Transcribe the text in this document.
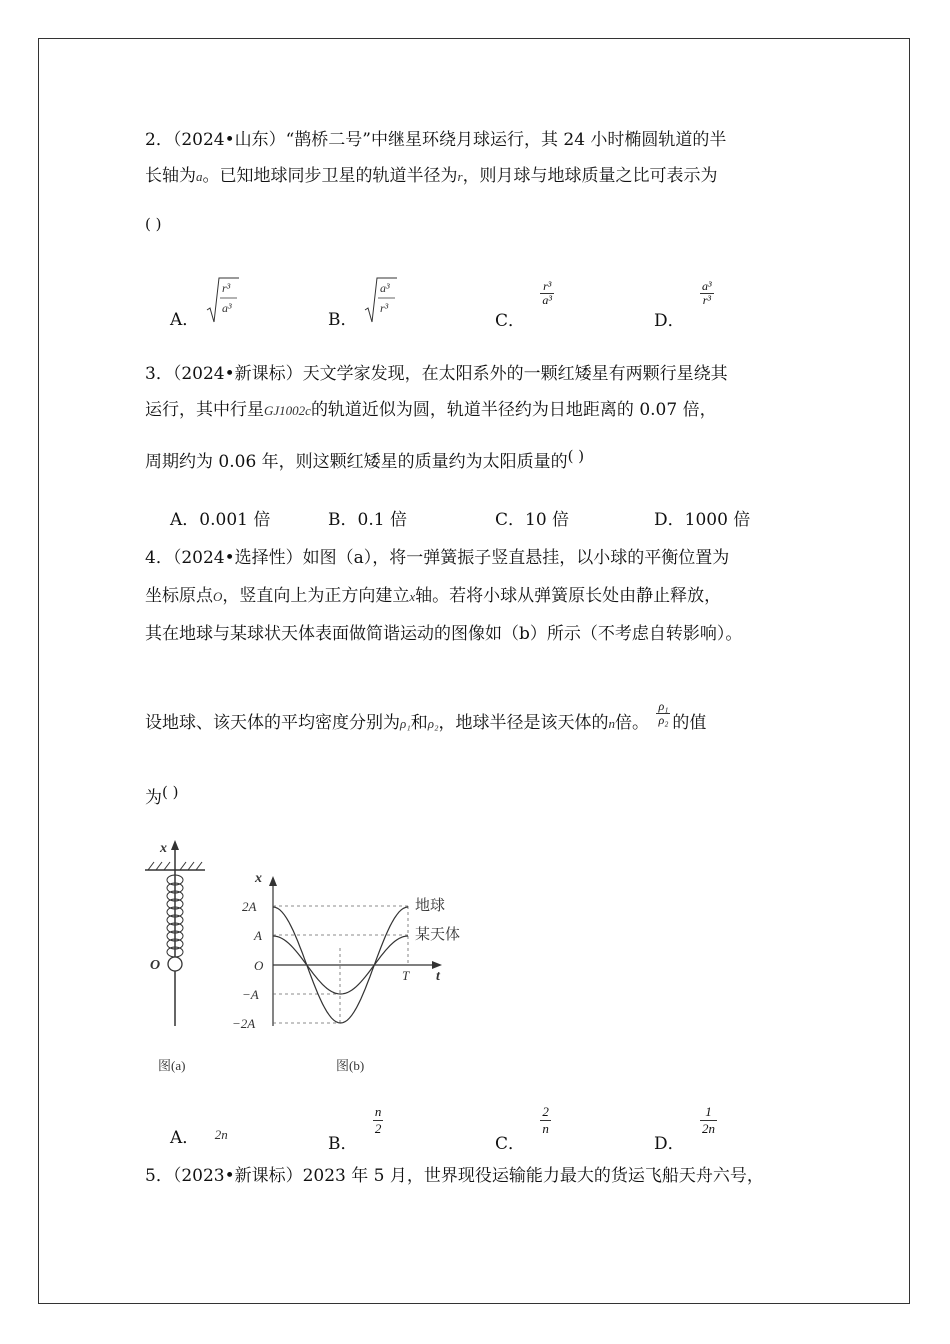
2．（2024•山东）“鹊桥二号”中继星环绕月球运行，其 24 小时椭圆轨道的半
长轴为a。已知地球同步卫星的轨道半径为r，则月球与地球质量之比可表示为
( )
A．
r³
a³
B．
a³
r³
C．
$\frac{\text{r³}}{\text{a³}}$
D．
$\frac{\text{a³}}{\text{r³}}$
3．（2024•新课标）天文学家发现，在太阳系外的一颗红矮星有两颗行星绕其
运行，其中行星GJ1002c的轨道近似为圆，轨道半径约为日地距离的 0.07 倍，
周期约为 0.06 年，则这颗红矮星的质量约为太阳质量的( )
A．0.001 倍	B．0.1 倍	C．10 倍	D．1000 倍
4．（2024•选择性）如图（a），将一弹簧振子竖直悬挂，以小球的平衡位置为
坐标原点O，竖直向上为正方向建立x轴。若将小球从弹簧原长处由静止释放，
其在地球与某球状天体表面做简谐运动的图像如（b）所示（不考虑自转影响）。
设地球、该天体的平均密度分别为ρ₁和ρ₂，地球半径是该天体的n倍。 $\frac{\text{ρ₁}}{\text{ρ₂}}$ 的值
为( )
x
O
图(a)
x
t
2A
A
O
−A
−2A
T
地球
某天体
图(b)
A． $^{2n}$	B．
$\frac{n}{2}$
C．
$\frac{2}{n}$
D．
$\frac{1}{2n}$
5．（2023•新课标）2023 年 5 月，世界现役运输能力最大的货运飞船天舟六号，
